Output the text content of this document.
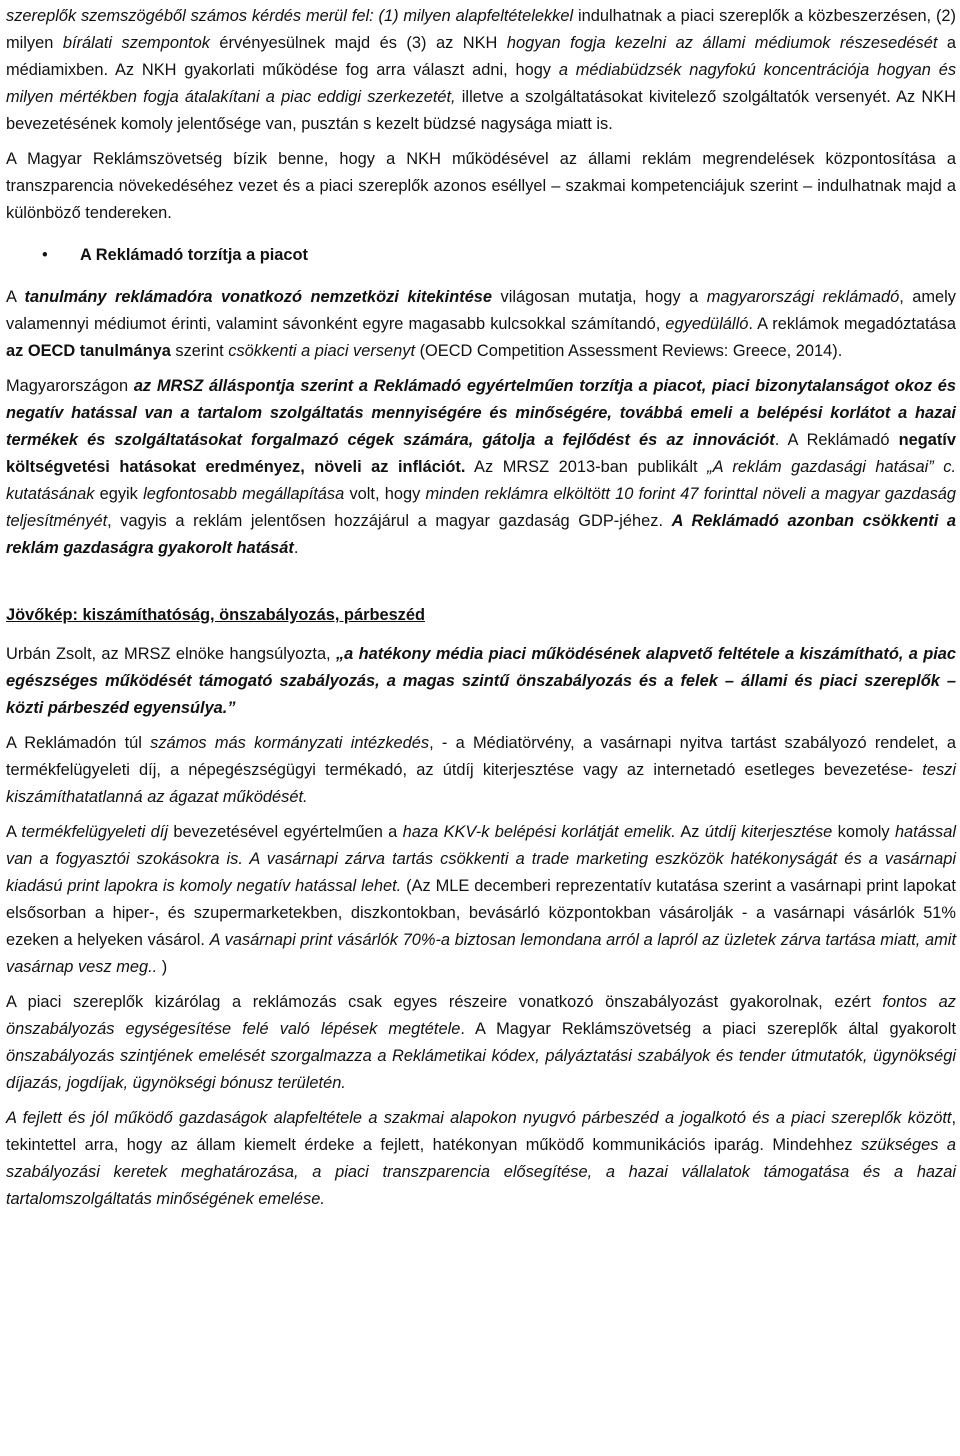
szereplők szemszögéből számos kérdés merül fel: (1) milyen alapfeltételekkel indulhatnak a piaci szereplők a közbeszerzésen, (2) milyen bírálati szempontok érvényesülnek majd és (3) az NKH hogyan fogja kezelni az állami médiumok részesedését a médiamixben. Az NKH gyakorlati működése fog arra választ adni, hogy a médiabüdzsék nagyfokú koncentrációja hogyan és milyen mértékben fogja átalakítani a piac eddigi szerkezetét, illetve a szolgáltatásokat kivitelező szolgáltatók versenyét. Az NKH bevezetésének komoly jelentősége van, pusztán s kezelt büdzsé nagysága miatt is.

A Magyar Reklámszövetség bízik benne, hogy a NKH működésével az állami reklám megrendelések központosítása a transzparencia növekedéséhez vezet és a piaci szereplők azonos eséllyel – szakmai kompetenciájuk szerint – indulhatnak majd a különböző tendereken.

• A Reklámadó torzítja a piacot

A tanulmány reklámadóra vonatkozó nemzetközi kitekintése világosan mutatja, hogy a magyarországi reklámadó, amely valamennyi médiumot érinti, valamint sávonként egyre magasabb kulcsokkal számítandó, egyedülálló. A reklámok megadóztatása az OECD tanulmánya szerint csökkenti a piaci versenyt (OECD Competition Assessment Reviews: Greece, 2014).

Magyarországon az MRSZ álláspontja szerint a Reklámadó egyértelműen torzítja a piacot, piaci bizonytalanságot okoz és negatív hatással van a tartalom szolgáltatás mennyiségére és minőségére, továbbá emeli a belépési korlátot a hazai termékek és szolgáltatásokat forgalmazó cégek számára, gátolja a fejlődést és az innovációt. A Reklámadó negatív költségvetési hatásokat eredményez, növeli az inflációt. Az MRSZ 2013-ban publikált „A reklám gazdasági hatásai” c. kutatásának egyik legfontosabb megállapítása volt, hogy minden reklámra elköltött 10 forint 47 forinttal növeli a magyar gazdaság teljesítményét, vagyis a reklám jelentősen hozzájárul a magyar gazdaság GDP-jéhez. A Reklámadó azonban csökkenti a reklám gazdaságra gyakorolt hatását.

Jövőkép: kiszámíthatóság, önszabályozás, párbeszéd

Urbán Zsolt, az MRSZ elnöke hangsúlyozta, „a hatékony média piaci működésének alapvető feltétele a kiszámítható, a piac egészséges működését támogató szabályozás, a magas szintű önszabályozás és a felek – állami és piaci szereplők – közti párbeszéd egyensúlya.”

A Reklámadón túl számos más kormányzati intézkedés, - a Médiatörvény, a vasárnapi nyitva tartást szabályozó rendelet, a termékfelügyeleti díj, a népegészségügyi termékadó, az útdíj kiterjesztése vagy az internetadó esetleges bevezetése- teszi kiszámíthatatlanná az ágazat működését.

A termékfelügyeleti díj bevezetésével egyértelműen a haza KKV-k belépési korlátját emelik. Az útdíj kiterjesztése komoly hatással van a fogyasztói szokásokra is. A vasárnapi zárva tartás csökkenti a trade marketing eszközök hatékonyságát és a vasárnapi kiadású print lapokra is komoly negatív hatással lehet. (Az MLE decemberi reprezentatív kutatása szerint a vasárnapi print lapokat elsősorban a hiper-, és szupermarketekben, diszkontokban, bevásárló központokban vásárolják - a vasárnapi vásárlók 51% ezeken a helyeken vásárol. A vasárnapi print vásárlók 70%-a biztosan lemondana arról a lapról az üzletek zárva tartása miatt, amit vasárnap vesz meg.. )

A piaci szereplők kizárólag a reklámozás csak egyes részeire vonatkozó önszabályozást gyakorolnak, ezért fontos az önszabályozás egységesítése felé való lépések megtétele. A Magyar Reklámszövetség a piaci szereplők által gyakorolt önszabályozás szintjének emelését szorgalmazza a Reklámetikai kódex, pályáztatási szabályok és tender útmutatók, ügynökségi díjazás, jogdíjak, ügynökségi bónusz területén.

A fejlett és jól működő gazdaságok alapfeltétele a szakmai alapokon nyugvó párbeszéd a jogalkotó és a piaci szereplők között, tekintettel arra, hogy az állam kiemelt érdeke a fejlett, hatékonyan működő kommunikációs iparág. Mindehhez szükséges a szabályozási keretek meghatározása, a piaci transzparencia elősegítése, a hazai vállalatok támogatása és a hazai tartalomszolgáltatás minőségének emelése.
